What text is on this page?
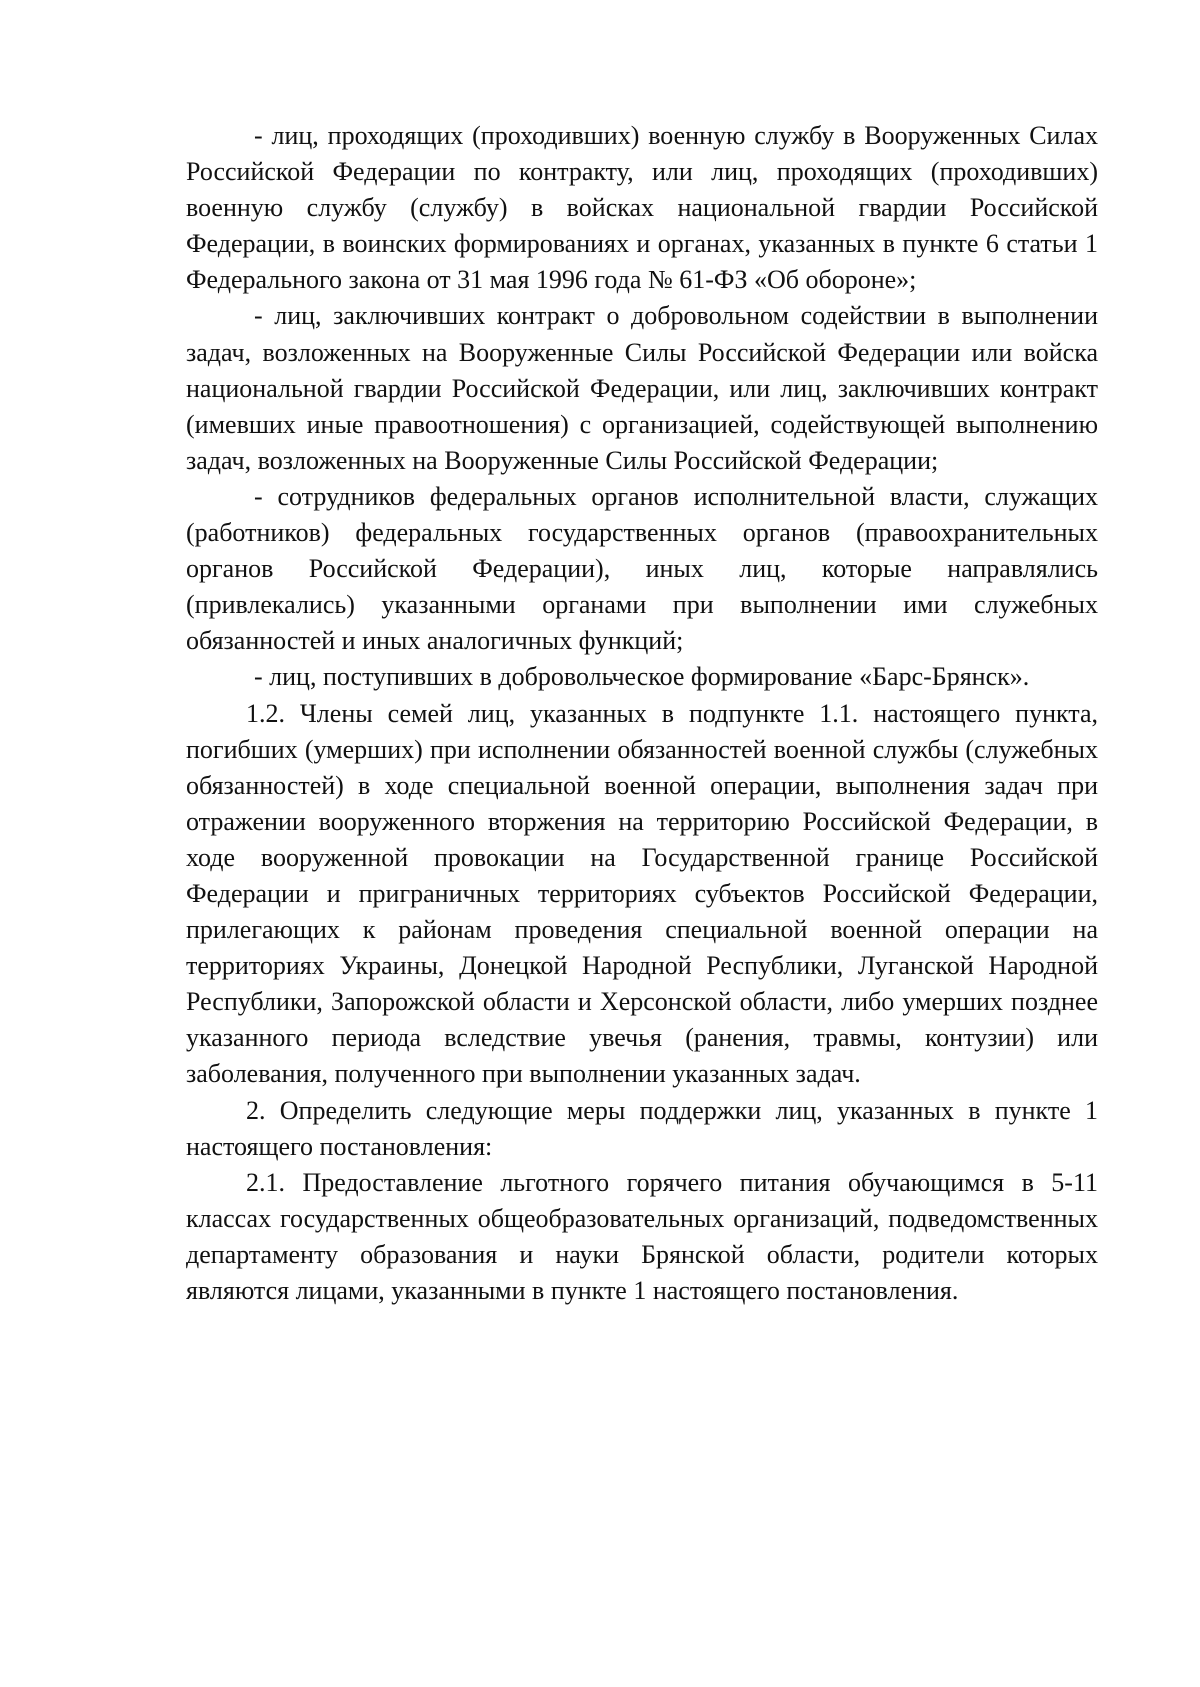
- лиц, проходящих (проходивших) военную службу в Вооруженных Силах Российской Федерации по контракту, или лиц, проходящих (проходивших) военную службу (службу) в войсках национальной гвардии Российской Федерации, в воинских формированиях и органах, указанных в пункте 6 статьи 1 Федерального закона от 31 мая 1996 года № 61-ФЗ «Об обороне»;

- лиц, заключивших контракт о добровольном содействии в выполнении задач, возложенных на Вооруженные Силы Российской Федерации или войска национальной гвардии Российской Федерации, или лиц, заключивших контракт (имевших иные правоотношения) с организацией, содействующей выполнению задач, возложенных на Вооруженные Силы Российской Федерации;

- сотрудников федеральных органов исполнительной власти, служащих (работников) федеральных государственных органов (правоохранительных органов Российской Федерации), иных лиц, которые направлялись (привлекались) указанными органами при выполнении ими служебных обязанностей и иных аналогичных функций;

- лиц, поступивших в добровольческое формирование «Барс-Брянск».

1.2. Члены семей лиц, указанных в подпункте 1.1. настоящего пункта, погибших (умерших) при исполнении обязанностей военной службы (служебных обязанностей) в ходе специальной военной операции, выполнения задач при отражении вооруженного вторжения на территорию Российской Федерации, в ходе вооруженной провокации на Государственной границе Российской Федерации и приграничных территориях субъектов Российской Федерации, прилегающих к районам проведения специальной военной операции на территориях Украины, Донецкой Народной Республики, Луганской Народной Республики, Запорожской области и Херсонской области, либо умерших позднее указанного периода вследствие увечья (ранения, травмы, контузии) или заболевания, полученного при выполнении указанных задач.

2. Определить следующие меры поддержки лиц, указанных в пункте 1 настоящего постановления:

2.1. Предоставление льготного горячего питания обучающимся в 5-11 классах государственных общеобразовательных организаций, подведомственных департаменту образования и науки Брянской области, родители которых являются лицами, указанными в пункте 1 настоящего постановления.
